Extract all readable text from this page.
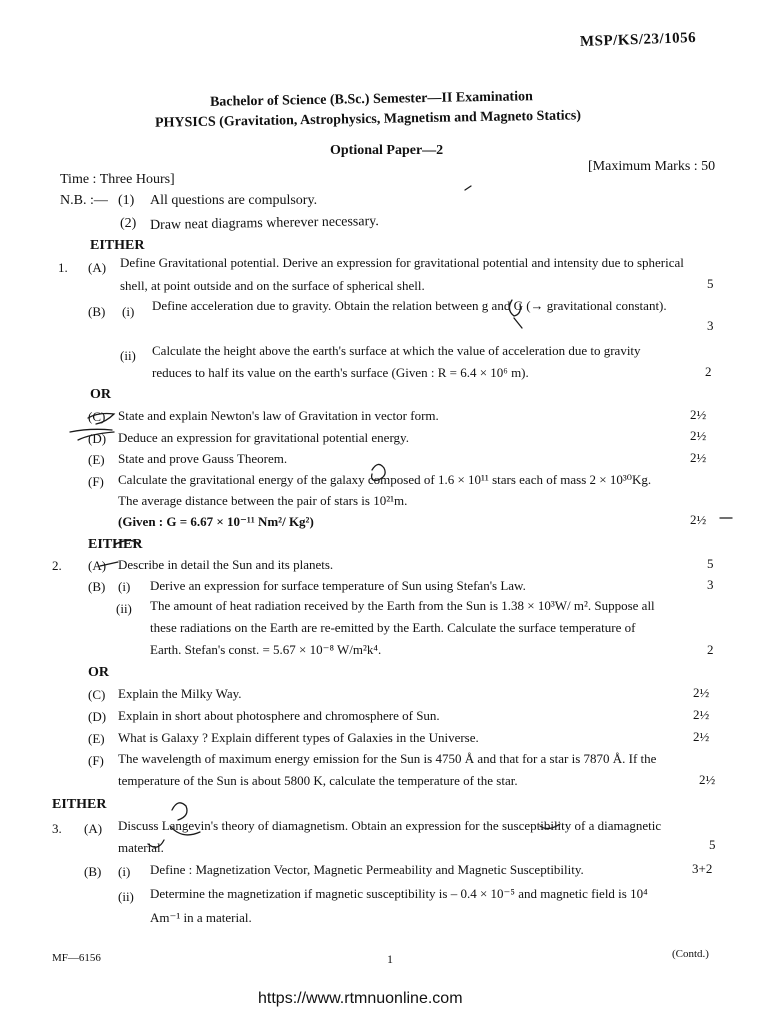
MSP/KS/23/1056
Bachelor of Science (B.Sc.) Semester—II Examination
PHYSICS (Gravitation, Astrophysics, Magnetism and Magneto Statics)
Optional Paper—2
[Maximum Marks : 50
Time : Three Hours]
N.B. :— (1) All questions are compulsory.
(2) Draw neat diagrams wherever necessary.
EITHER
1. (A) Define Gravitational potential. Derive an expression for gravitational potential and intensity due to spherical
shell, at point outside and on the surface of spherical shell.	5
(B) (i) Define acceleration due to gravity. Obtain the relation between g and G (→ gravitational constant).
3
(ii) Calculate the height above the earth's surface at which the value of acceleration due to gravity
reduces to half its value on the earth's surface (Given : R = 6.4 × 10⁶ m).	2
OR
(C) State and explain Newton's law of Gravitation in vector form.	2½
(D) Deduce an expression for gravitational potential energy.	2½
(E) State and prove Gauss Theorem.	2½
(F) Calculate the gravitational energy of the galaxy composed of 1.6 × 10¹¹ stars each of mass 2 × 10³⁰Kg.
The average distance between the pair of stars is 10²¹m.
(Given : G = 6.67 × 10⁻¹¹ Nm²/ Kg²)	2½
EITHER
2. (A) Describe in detail the Sun and its planets.	5
(B) (i) Derive an expression for surface temperature of Sun using Stefan's Law.	3
(ii) The amount of heat radiation received by the Earth from the Sun is 1.38 × 10³W/ m². Suppose all
these radiations on the Earth are re-emitted by the Earth. Calculate the surface temperature of
Earth. Stefan's const. = 5.67 × 10⁻⁸ W/m²k⁴.	2
OR
(C) Explain the Milky Way.	2½
(D) Explain in short about photosphere and chromosphere of Sun.	2½
(E) What is Galaxy ? Explain different types of Galaxies in the Universe.	2½
(F) The wavelength of maximum energy emission for the Sun is 4750 Å and that for a star is 7870 Å. If the
temperature of the Sun is about 5800 K, calculate the temperature of the star.	2½
EITHER
3. (A) Discuss Langevin's theory of diamagnetism. Obtain an expression for the susceptibility of a diamagnetic
material.	5
(B) (i) Define : Magnetization Vector, Magnetic Permeability and Magnetic Susceptibility.	3+2
(ii) Determine the magnetization if magnetic susceptibility is – 0.4 × 10⁻⁵ and magnetic field is 10⁴
Am⁻¹ in a material.
MF—6156	1	(Contd.)
https://www.rtmnuonline.com
